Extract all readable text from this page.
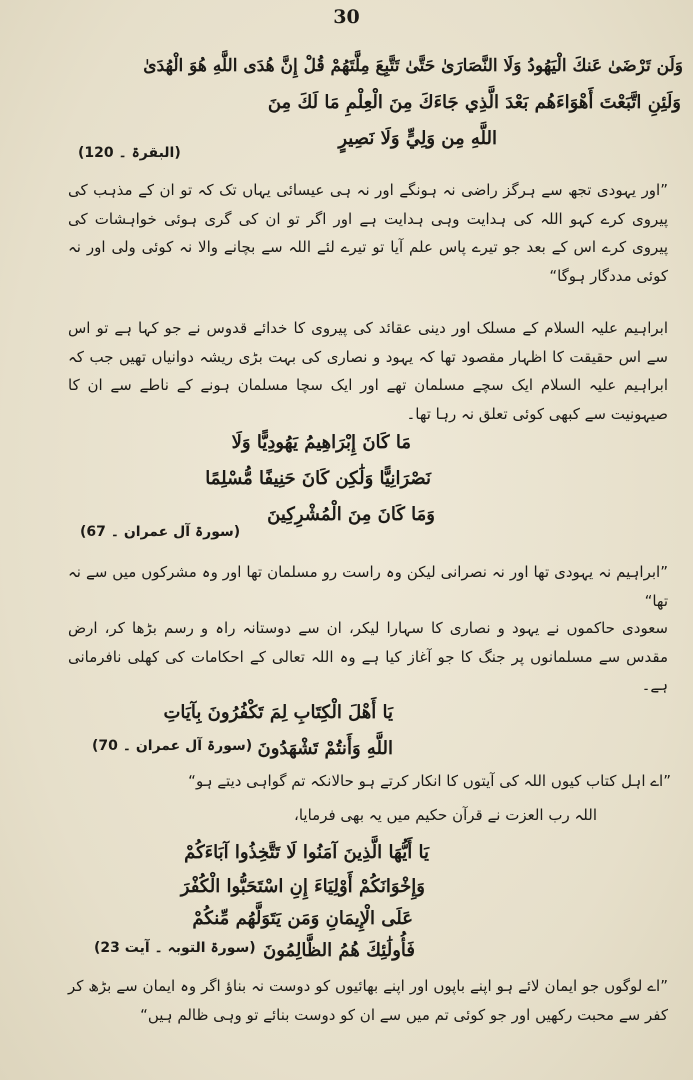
30
وَلَن تَرْضَىٰ عَنكَ الْيَهُودُ وَلَا النَّصَارَىٰ حَتَّىٰ تَتَّبِعَ مِلَّتَهُمْ قُلْ إِنَّ هُدَى اللَّهِ هُوَ الْهُدَىٰ
وَلَئِنِ اتَّبَعْتَ أَهْوَاءَهُم بَعْدَ الَّذِي جَاءَكَ مِنَ الْعِلْمِ مَا لَكَ مِنَ
اللَّهِ مِن وَلِيٍّ وَلَا نَصِيرٍ
(البقرۃ ۔ 120)
”اور یہودی تجھ سے ہرگز راضی نہ ہونگے اور نہ ہی عیسائی یہاں تک کہ تو ان کے مذہب کی پیروی کرے کہو اللہ کی ہدایت وہی ہدایت ہے اور اگر تو ان کی گری ہوئی خواہشات کی پیروی کرے اس کے بعد جو تیرے پاس علم آیا تو تیرے لئے اللہ سے بچانے والا نہ کوئی ولی اور نہ کوئی مددگار ہوگا“
ابراہیم علیہ السلام کے مسلک اور دینی عقائد کی پیروی کا خدائے قدوس نے جو کہا ہے تو اس سے اس حقیقت کا اظہار مقصود تھا کہ یہود و نصاری کی بہت بڑی ریشہ دوانیاں تھیں جب کہ ابراہیم علیہ السلام ایک سچے مسلمان تھے اور ایک سچا مسلمان ہونے کے ناطے سے ان کا صیہونیت سے کبھی کوئی تعلق نہ رہا تھا۔
مَا كَانَ إِبْرَاهِيمُ يَهُودِيًّا وَلَا
نَصْرَانِيًّا وَلَٰكِن كَانَ حَنِيفًا مُّسْلِمًا
وَمَا كَانَ مِنَ الْمُشْرِكِينَ
(سورۃ آل عمران ۔ 67)
”ابراہیم نہ یہودی تھا اور نہ نصرانی لیکن وہ راست رو مسلمان تھا اور وہ مشرکوں میں سے نہ تھا“
سعودی حاکموں نے یہود و نصاری کا سہارا لیکر، ان سے دوستانہ راہ و رسم بڑھا کر، ارض مقدس سے مسلمانوں پر جنگ کا جو آغاز کیا ہے وہ اللہ تعالی کے احکامات کی کھلی نافرمانی ہے۔
يَا أَهْلَ الْكِتَابِ لِمَ تَكْفُرُونَ بِآيَاتِ
اللَّهِ وَأَنتُمْ تَشْهَدُونَ
(سورۃ آل عمران ۔ 70)
”اے اہل کتاب کیوں اللہ کی آیتوں کا انکار کرتے ہو حالانکہ تم گواہی دیتے ہو“
اللہ رب العزت نے قرآن حکیم میں یہ بھی فرمایا،
يَا أَيُّهَا الَّذِينَ آمَنُوا لَا تَتَّخِذُوا آبَاءَكُمْ
وَإِخْوَانَكُمْ أَوْلِيَاءَ إِنِ اسْتَحَبُّوا الْكُفْرَ
عَلَى الْإِيمَانِ وَمَن يَتَوَلَّهُم مِّنكُمْ
فَأُولَٰئِكَ هُمُ الظَّالِمُونَ
(سورۃ التوبہ ۔ آیت 23)
”اے لوگوں جو ایمان لائے ہو اپنے باپوں اور اپنے بھائیوں کو دوست نہ بناؤ اگر وہ ایمان سے بڑھ کر کفر سے محبت رکھیں اور جو کوئی تم میں سے ان کو دوست بنائے تو وہی ظالم ہیں“
